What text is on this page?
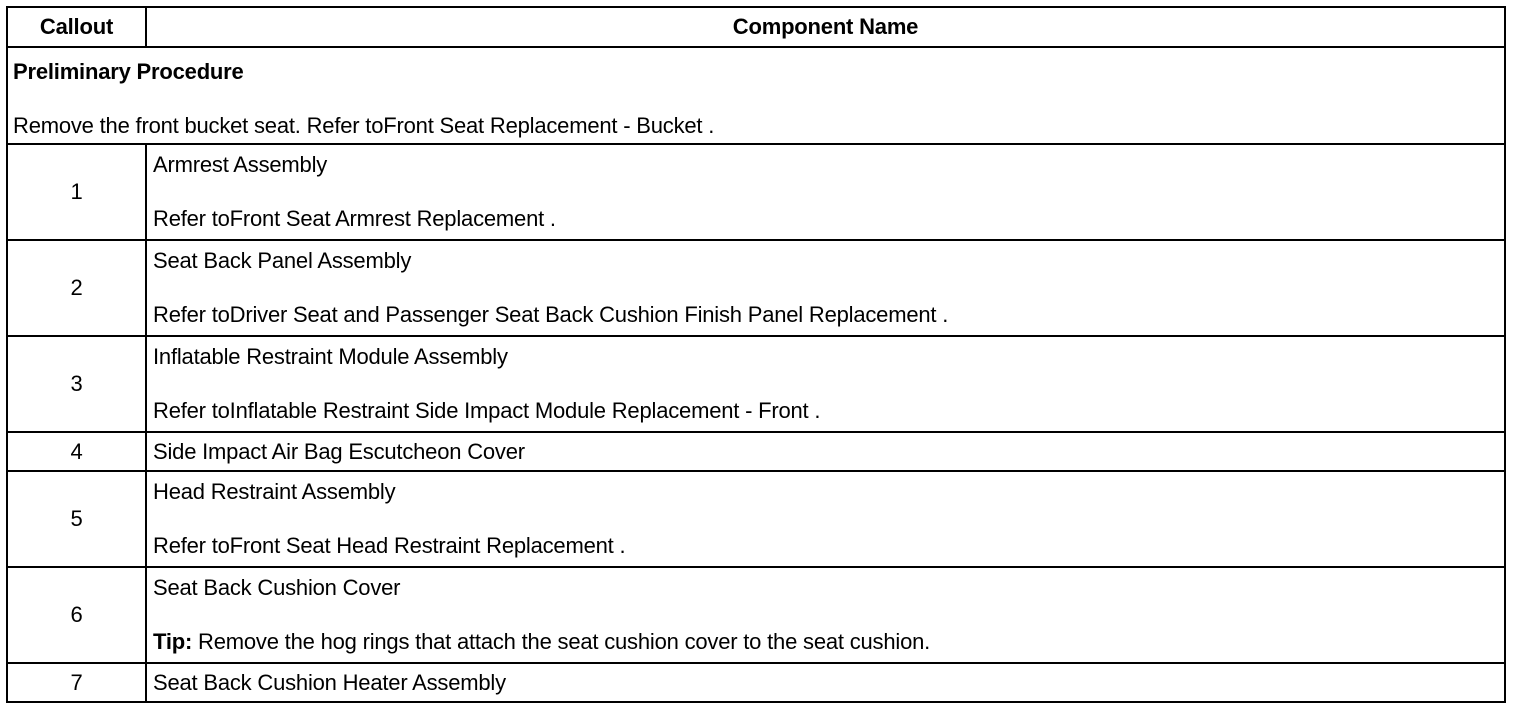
Callout	Component Name

Preliminary Procedure
Remove the front bucket seat. Refer toFront Seat Replacement - Bucket .	

1	Armrest Assembly
Refer toFront Seat Armrest Replacement .

2	Seat Back Panel Assembly
Refer toDriver Seat and Passenger Seat Back Cushion Finish Panel Replacement .

3	Inflatable Restraint Module Assembly
Refer toInflatable Restraint Side Impact Module Replacement - Front .

4	Side Impact Air Bag Escutcheon Cover

5	Head Restraint Assembly
Refer toFront Seat Head Restraint Replacement .

6	Seat Back Cushion Cover
Tip: Remove the hog rings that attach the seat cushion cover to the seat cushion.

7	Seat Back Cushion Heater Assembly
